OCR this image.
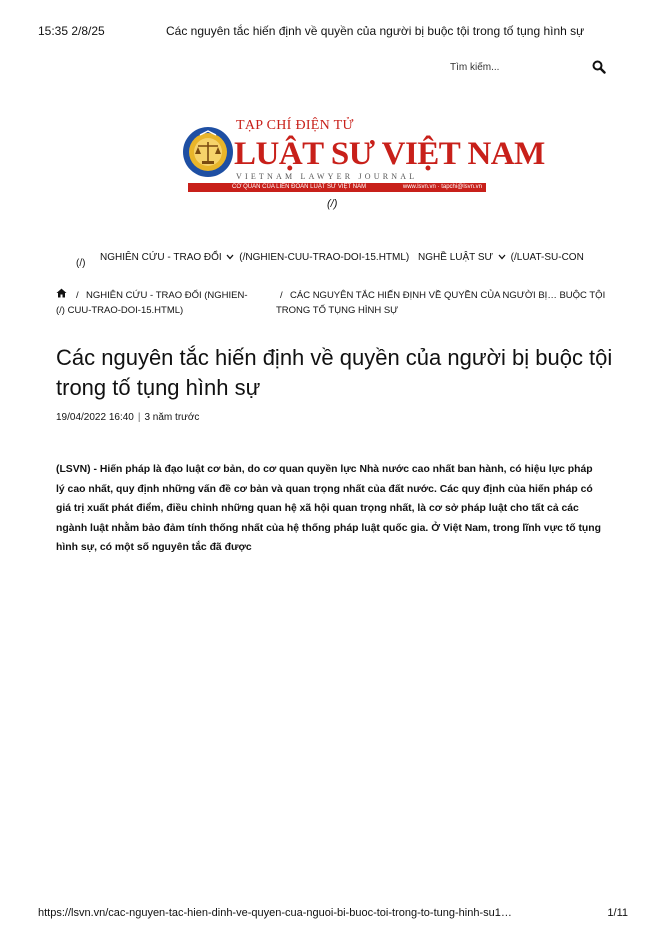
15:35 2/8/25	Các nguyên tắc hiến định về quyền của người bị buộc tội trong tố tụng hình sự
Tìm kiếm...
TẠP CHÍ ĐIỆN TỬ
LUẬT SƯ VIỆT NAM
VIETNAM LAWYER JOURNAL
CƠ QUAN CỦA LIÊN ĐOÀN LUẬT SƯ VIỆT NAM	www.lsvn.vn · tapchi@lsvn.vn
(/)
(/)
NGHIÊN CỨU - TRAO ĐỔI (/NGHIEN-CUU-TRAO-DOI-15.HTML) NGHỀ LUẬT SƯ (/LUAT-SU-CON
/ NGHIÊN CỨU - TRAO ĐỔI (NGHIEN-
(/) CUU-TRAO-DOI-15.HTML)
/ CÁC NGUYÊN TẮC HIẾN ĐỊNH VỀ QUYỀN CỦA NGƯỜI BỊ… BUỘC TỘI TRONG TỐ TỤNG HÌNH SỰ
Các nguyên tắc hiến định về quyền của người bị buộc tội trong tố tụng hình sự
19/04/2022 16:40 | 3 năm trước

(LSVN) - Hiến pháp là đạo luật cơ bản, do cơ quan quyền lực Nhà nước cao nhất ban hành, có hiệu lực pháp lý cao nhất, quy định những vấn đề cơ bản và quan trọng nhất của đất nước. Các quy định của hiến pháp có giá trị xuất phát điểm, điều chỉnh những quan hệ xã hội quan trọng nhất, là cơ sở pháp luật cho tất cả các ngành luật nhằm bảo đảm tính thống nhất của hệ thống pháp luật quốc gia. Ở Việt Nam, trong lĩnh vực tố tụng hình sự, có một số nguyên tắc đã được

https://lsvn.vn/cac-nguyen-tac-hien-dinh-ve-quyen-cua-nguoi-bi-buoc-toi-trong-to-tung-hinh-su1…	1/11
